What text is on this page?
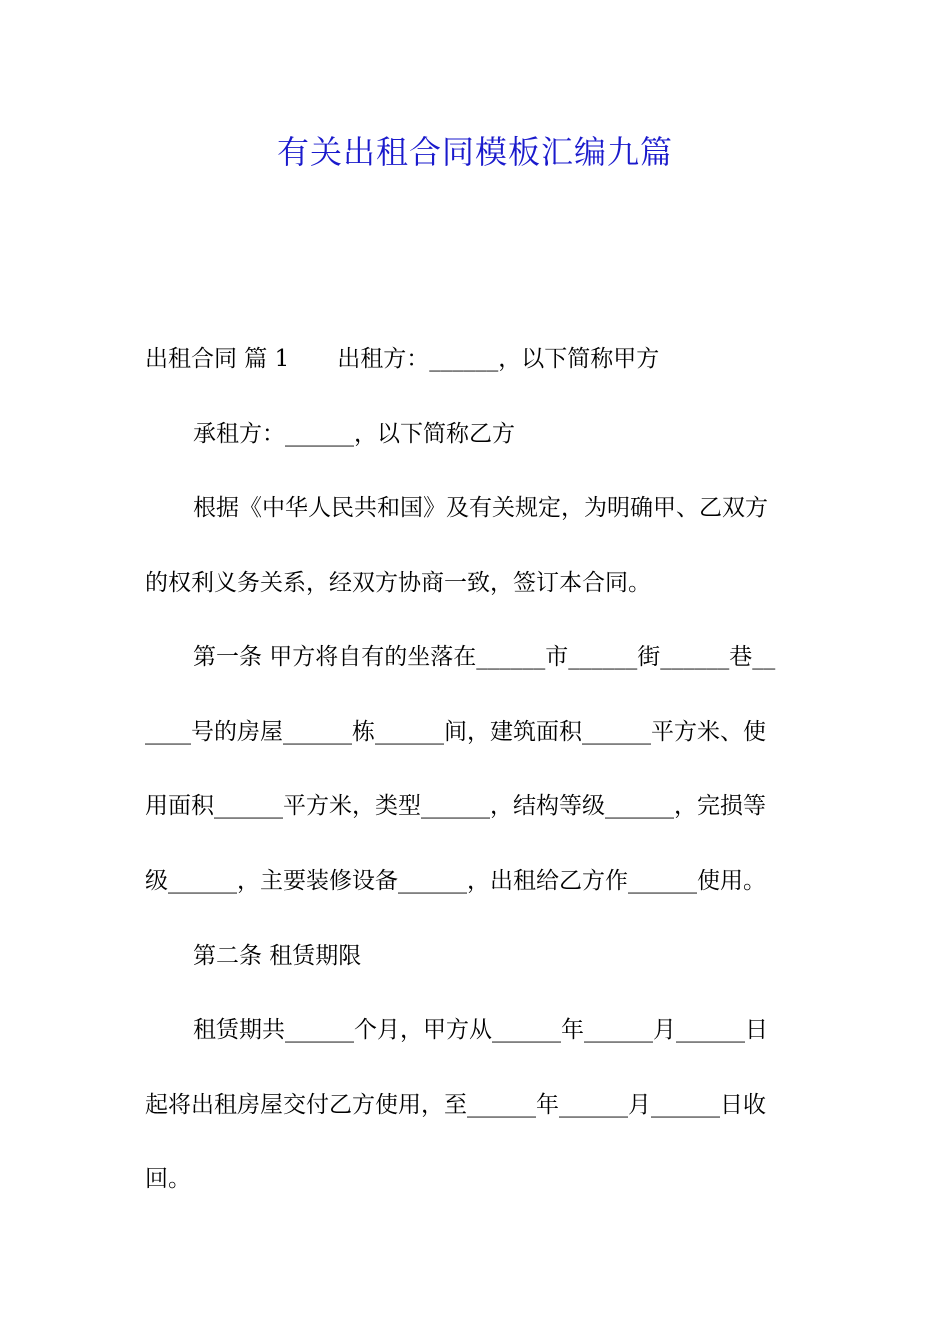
有关出租合同模板汇编九篇
出租合同 篇 1 出租方：______，以下简称甲方
承租方：______，以下简称乙方
根据《中华人民共和国》及有关规定，为明确甲、乙双方
的权利义务关系，经双方协商一致，签订本合同。
第一条 甲方将自有的坐落在______市______街______巷__
____号的房屋______栋______间，建筑面积______平方米、使
用面积______平方米，类型______，结构等级______，完损等
级______，主要装修设备______，出租给乙方作______使用。
第二条 租赁期限
租赁期共______个月，甲方从______年______月______日
起将出租房屋交付乙方使用，至______年______月______日收
回。
